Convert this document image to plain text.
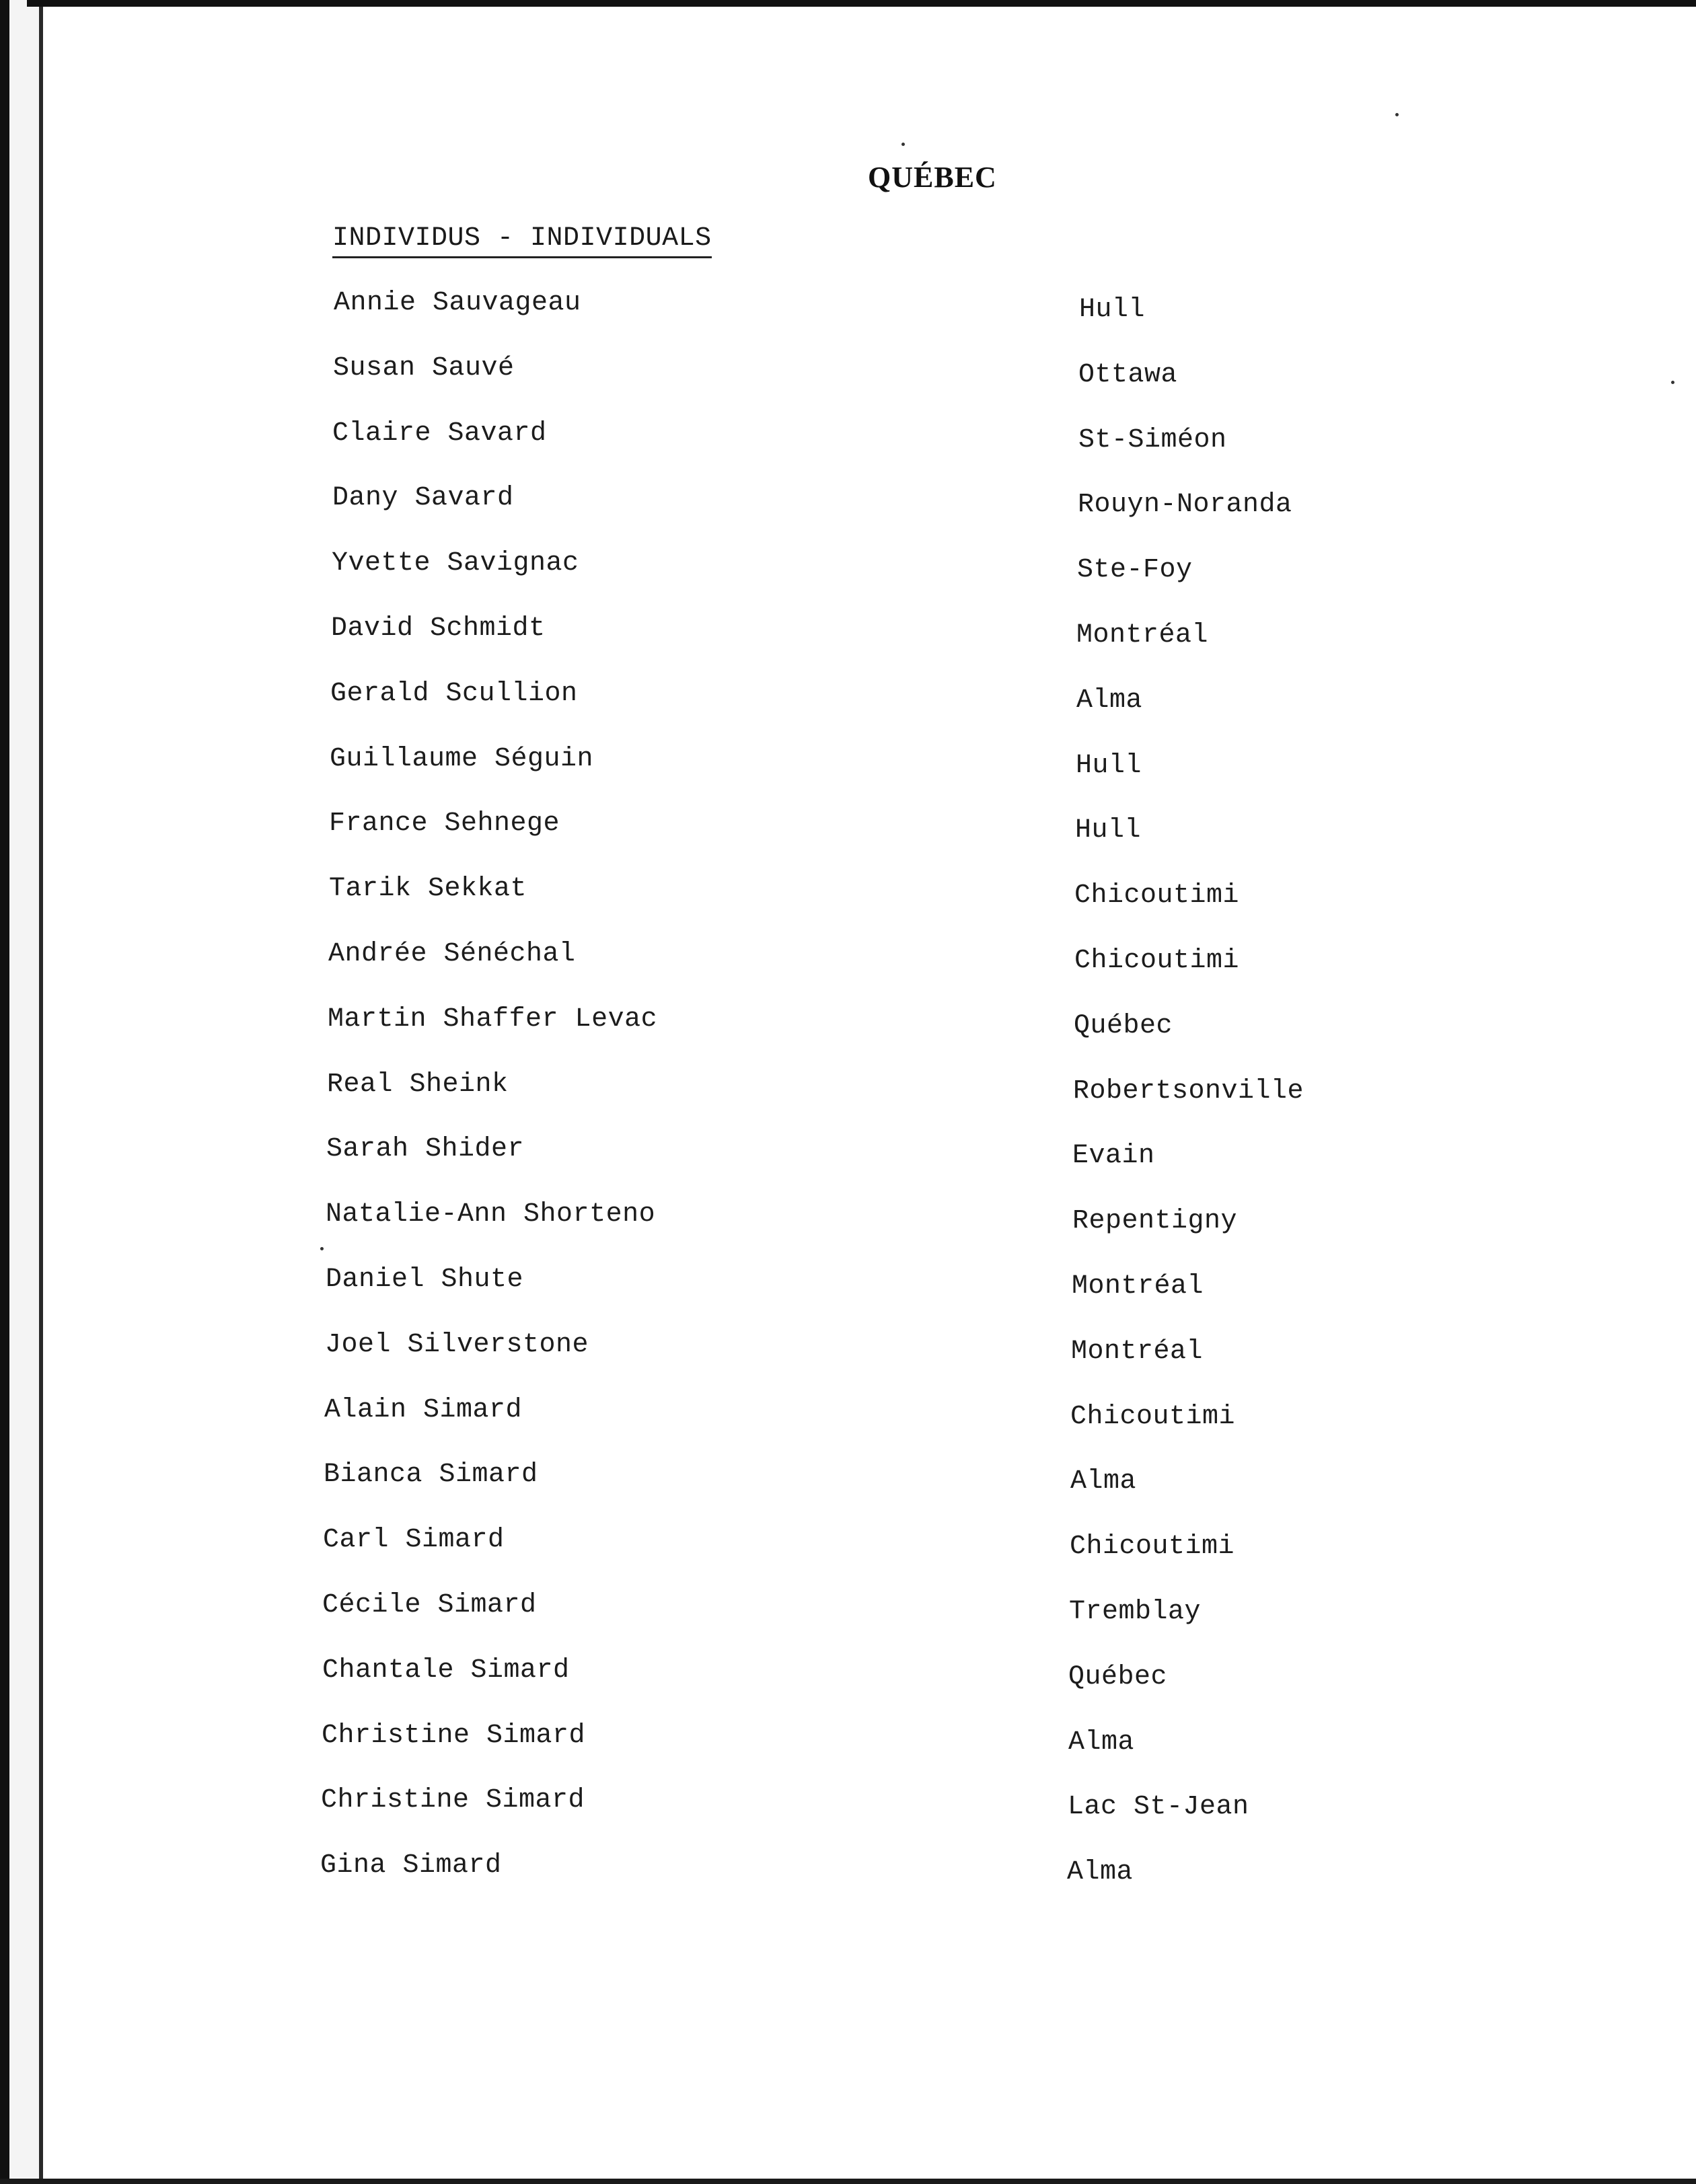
QUÉBEC
INDIVIDUS - INDIVIDUALS
Annie Sauvageau	Hull
Susan Sauvé	Ottawa
Claire Savard	St-Siméon
Dany Savard	Rouyn-Noranda
Yvette Savignac	Ste-Foy
David Schmidt	Montréal
Gerald Scullion	Alma
Guillaume Séguin	Hull
France Sehnege	Hull
Tarik Sekkat	Chicoutimi
Andrée Sénéchal	Chicoutimi
Martin Shaffer Levac	Québec
Real Sheink	Robertsonville
Sarah Shider	Evain
Natalie-Ann Shorteno	Repentigny
Daniel Shute	Montréal
Joel Silverstone	Montréal
Alain Simard	Chicoutimi
Bianca Simard	Alma
Carl Simard	Chicoutimi
Cécile Simard	Tremblay
Chantale Simard	Québec
Christine Simard	Alma
Christine Simard	Lac St-Jean
Gina Simard	Alma
